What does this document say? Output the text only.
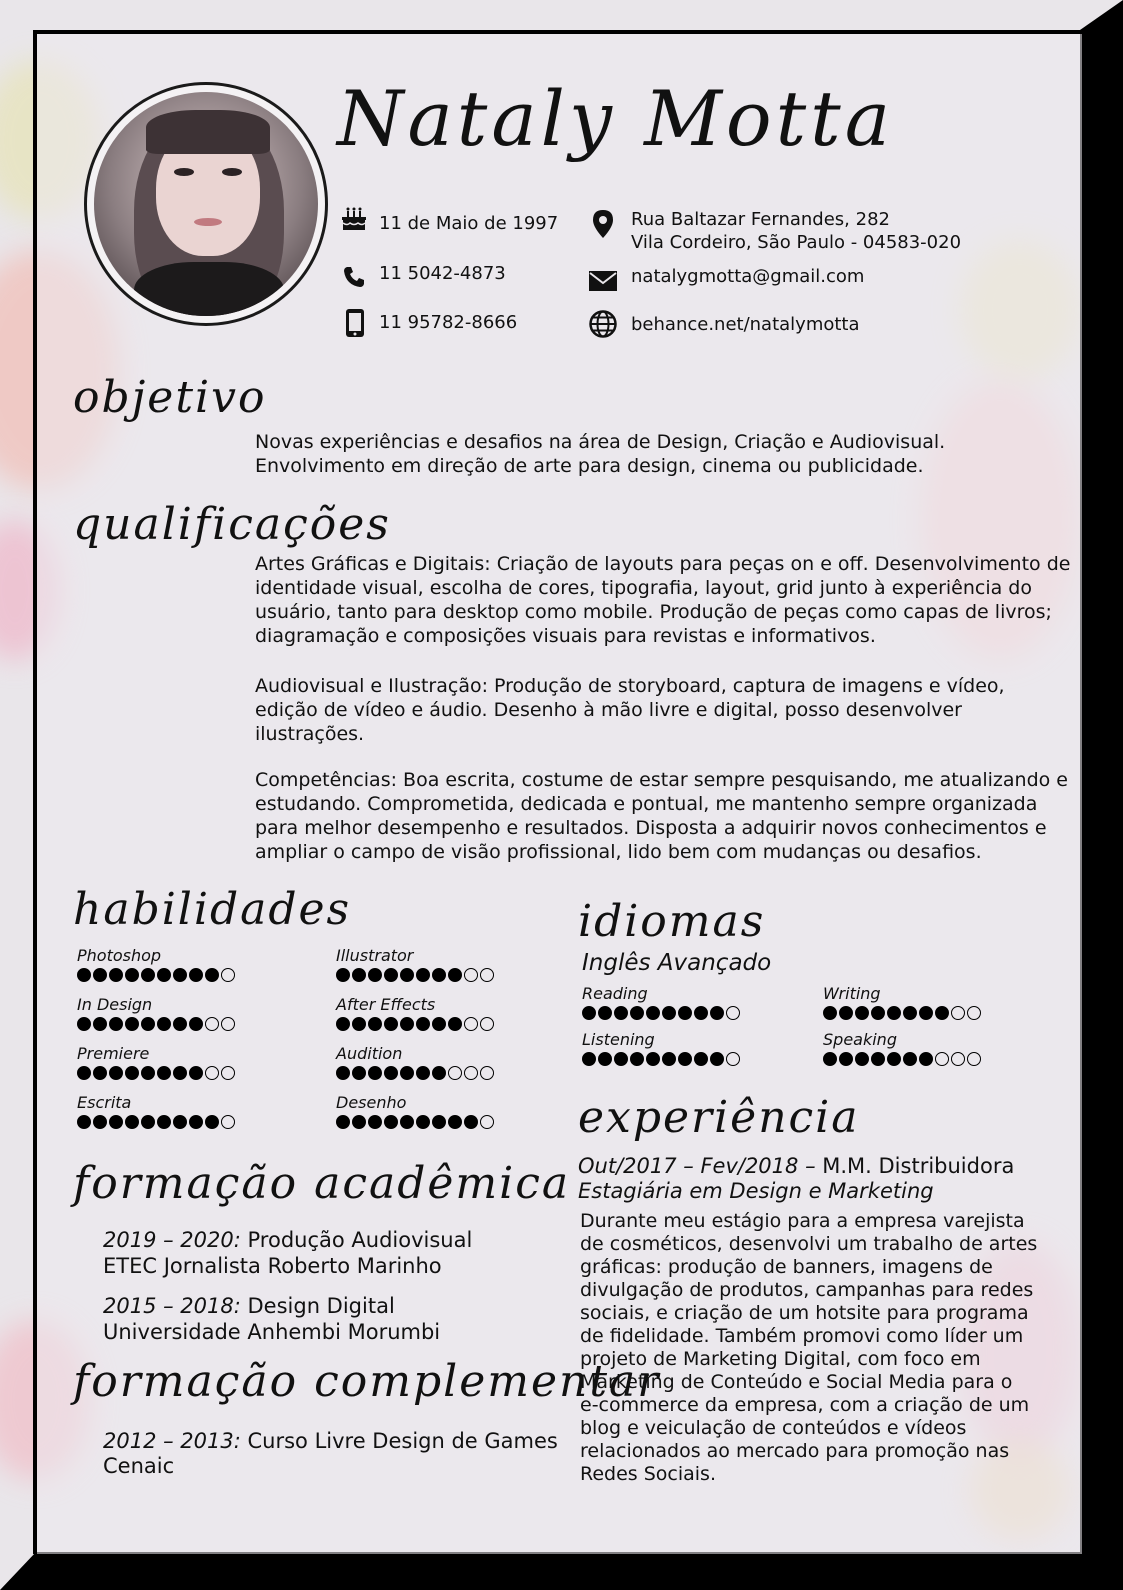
Nataly Motta
11 de Maio de 1997
11 5042-4873
11 95782-8666
Rua Baltazar Fernandes, 282
Vila Cordeiro, São Paulo - 04583-020
natalygmotta@gmail.com
behance.net/natalymotta
objetivo
Novas experiências e desafios na área de Design, Criação e Audiovisual.
Envolvimento em direção de arte para design, cinema ou publicidade.
qualificações
Artes Gráficas e Digitais: Criação de layouts para peças on e off. Desenvolvimento de
identidade visual, escolha de cores, tipografia, layout, grid junto à experiência do
usuário, tanto para desktop como mobile. Produção de peças como capas de livros;
diagramação e composições visuais para revistas e informativos.
Audiovisual e Ilustração: Produção de storyboard, captura de imagens e vídeo,
edição de vídeo e áudio. Desenho à mão livre e digital, posso desenvolver
ilustrações.
Competências: Boa escrita, costume de estar sempre pesquisando, me atualizando e
estudando. Comprometida, dedicada e pontual, me mantenho sempre organizada
para melhor desempenho e resultados. Disposta a adquirir novos conhecimentos e
ampliar o campo de visão profissional, lido bem com mudanças ou desafios.
habilidades	idiomas
Inglês Avançado
experiência
Out/2017 – Fev/2018 – M.M. Distribuidora
Estagiária em Design e Marketing
Durante meu estágio para a empresa varejista
de cosméticos, desenvolvi um trabalho de artes
gráficas: produção de banners, imagens de
divulgação de produtos, campanhas para redes
sociais, e criação de um hotsite para programa
de fidelidade. Também promovi como líder um
projeto de Marketing Digital, com foco em
Marketing de Conteúdo e Social Media para o
e-commerce da empresa, com a criação de um
blog e veiculação de conteúdos e vídeos
relacionados ao mercado para promoção nas
Redes Sociais.
formação acadêmica
2019 – 2020: Produção Audiovisual
ETEC Jornalista Roberto Marinho
2015 – 2018: Design Digital
Universidade Anhembi Morumbi
formação complementar
2012 – 2013: Curso Livre Design de Games
Cenaic
Photoshop	Illustrator
In Design	After Effects
Premiere	Audition
Escrita	Desenho
Reading	Writing
Listening	Speaking
